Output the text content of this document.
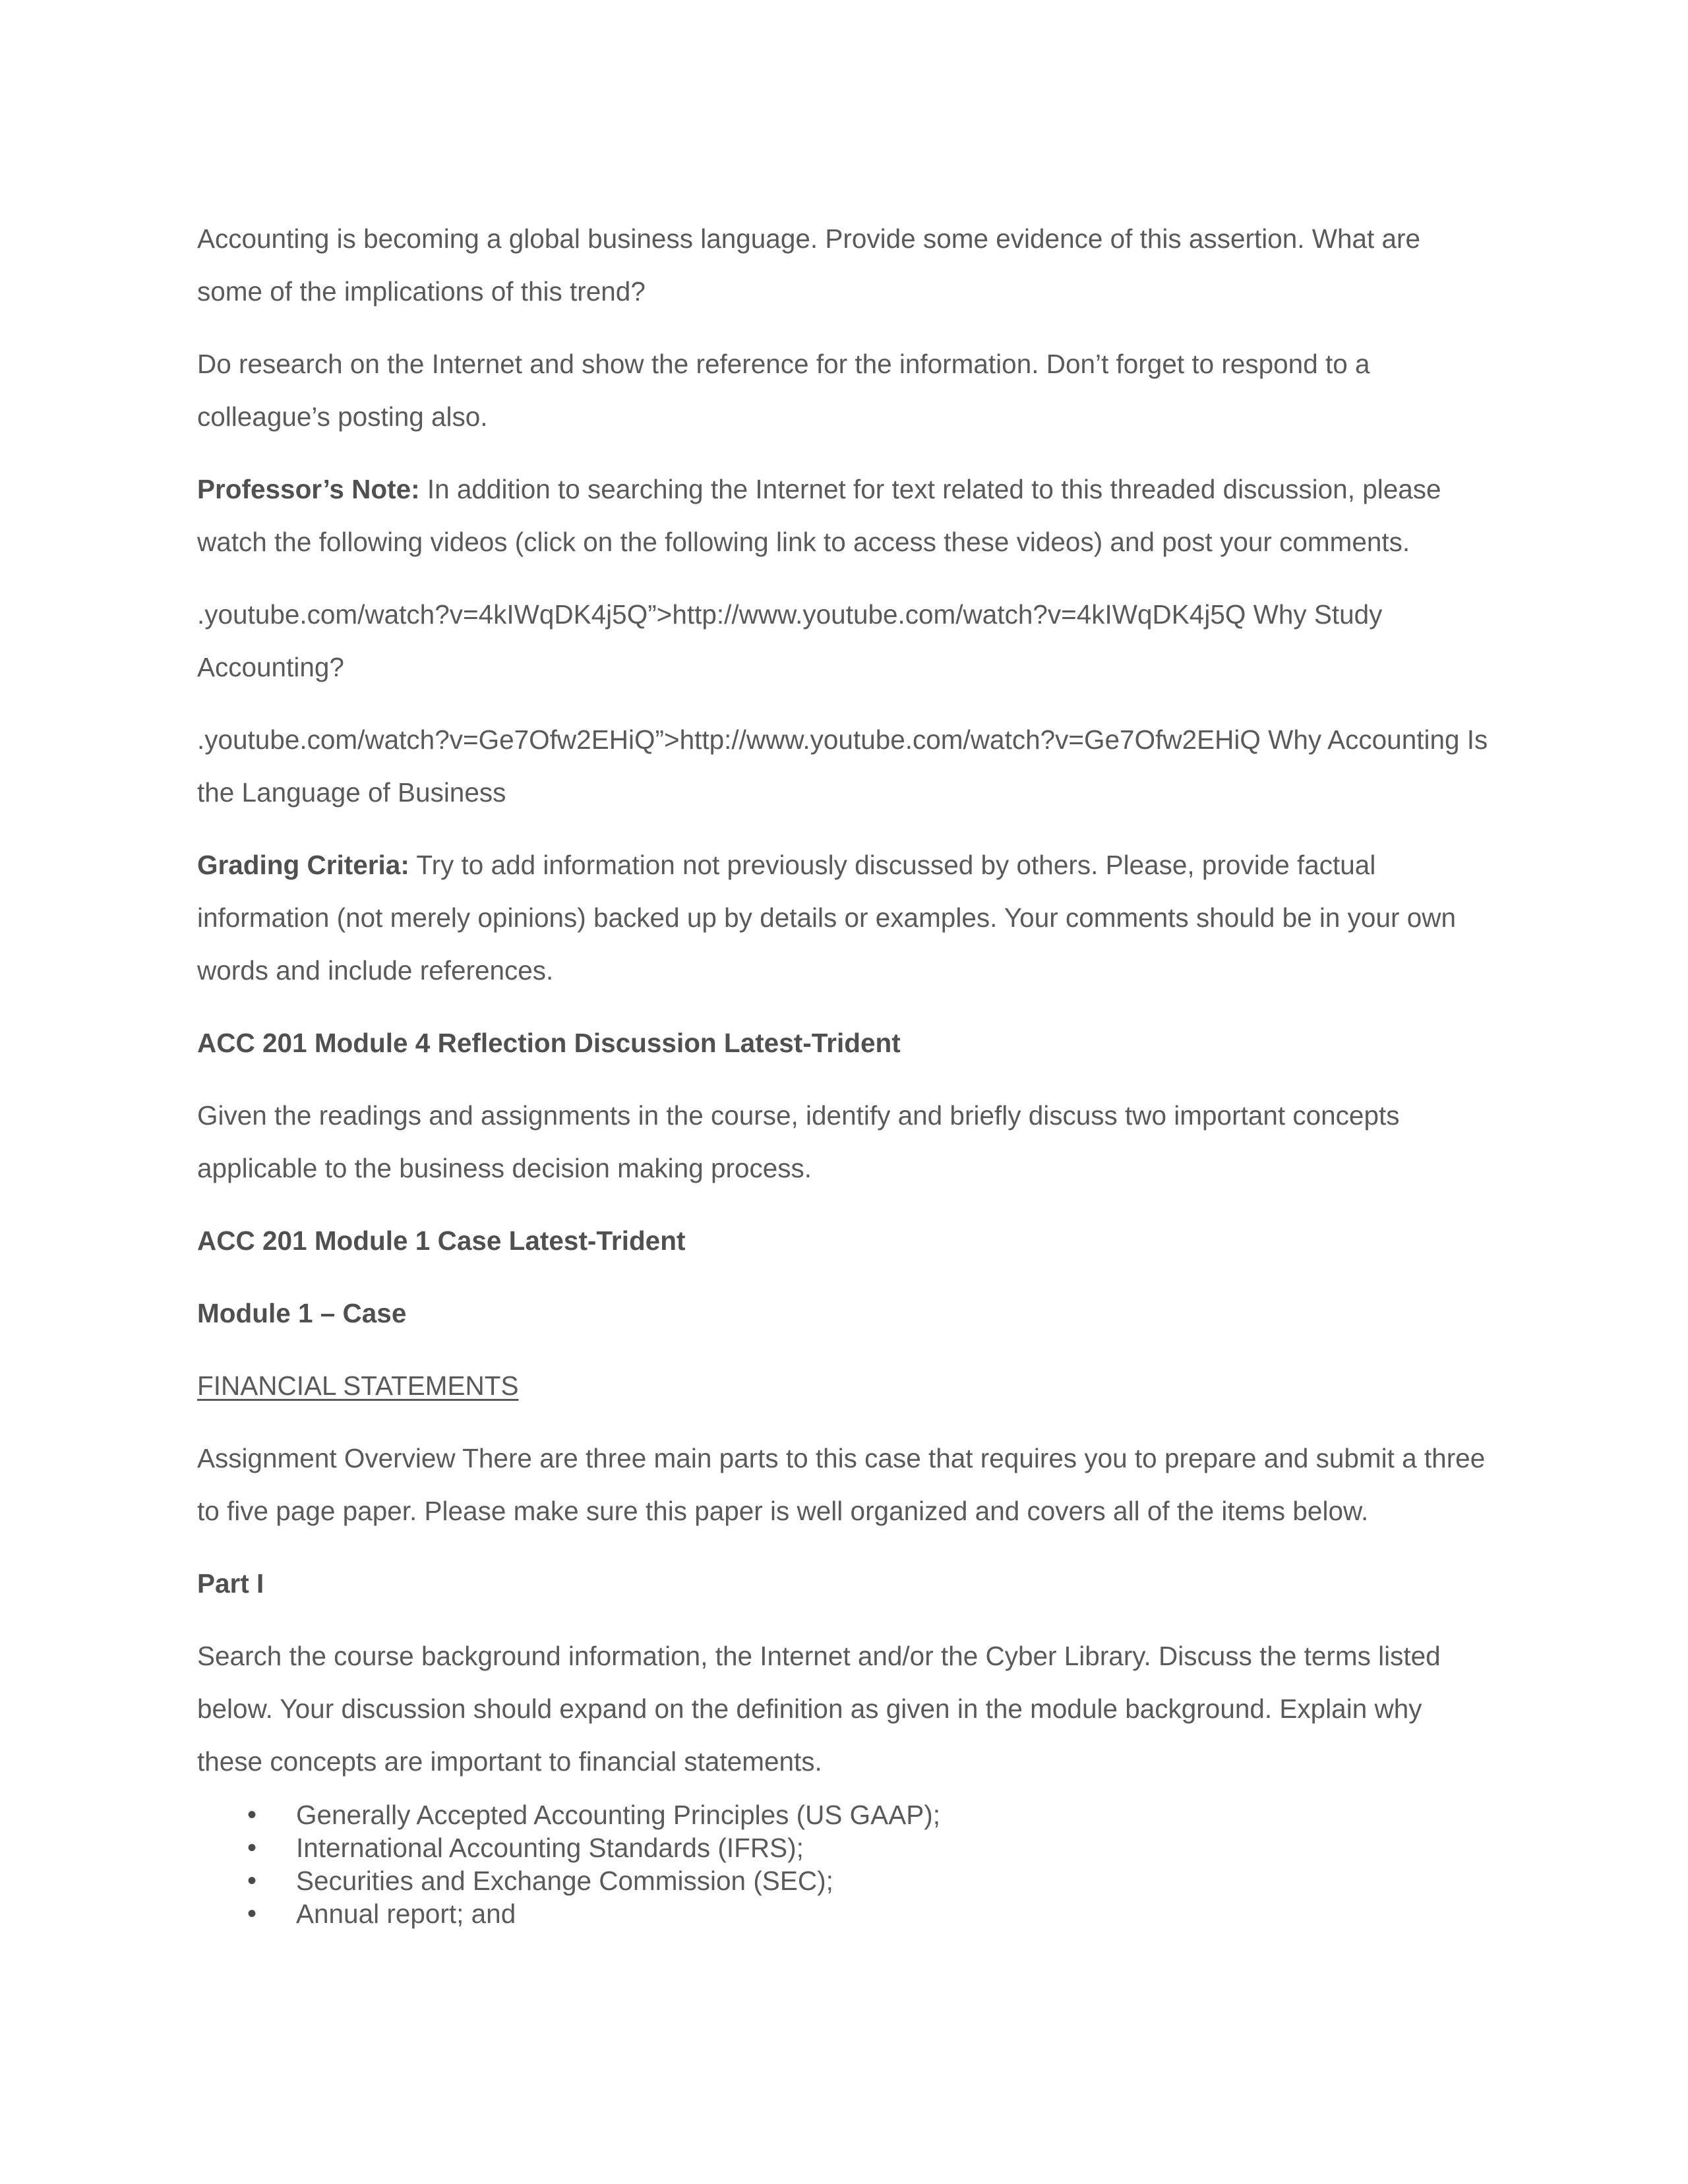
Accounting is becoming a global business language. Provide some evidence of this assertion. What are some of the implications of this trend?

Do research on the Internet and show the reference for the information. Don’t forget to respond to a colleague’s posting also.

Professor’s Note: In addition to searching the Internet for text related to this threaded discussion, please watch the following videos (click on the following link to access these videos) and post your comments.

.youtube.com/watch?v=4kIWqDK4j5Q”>http://www.youtube.com/watch?v=4kIWqDK4j5Q Why Study Accounting?

.youtube.com/watch?v=Ge7Ofw2EHiQ”>http://www.youtube.com/watch?v=Ge7Ofw2EHiQ Why Accounting Is the Language of Business

Grading Criteria: Try to add information not previously discussed by others. Please, provide factual information (not merely opinions) backed up by details or examples. Your comments should be in your own words and include references.

ACC 201 Module 4 Reflection Discussion Latest-Trident

Given the readings and assignments in the course, identify and briefly discuss two important concepts applicable to the business decision making process.

ACC 201 Module 1 Case Latest-Trident

Module 1 – Case

FINANCIAL STATEMENTS

Assignment Overview There are three main parts to this case that requires you to prepare and submit a three to five page paper. Please make sure this paper is well organized and covers all of the items below.

Part I

Search the course background information, the Internet and/or the Cyber Library. Discuss the terms listed below. Your discussion should expand on the definition as given in the module background. Explain why these concepts are important to financial statements.

• Generally Accepted Accounting Principles (US GAAP);
• International Accounting Standards (IFRS);
• Securities and Exchange Commission (SEC);
• Annual report; and
